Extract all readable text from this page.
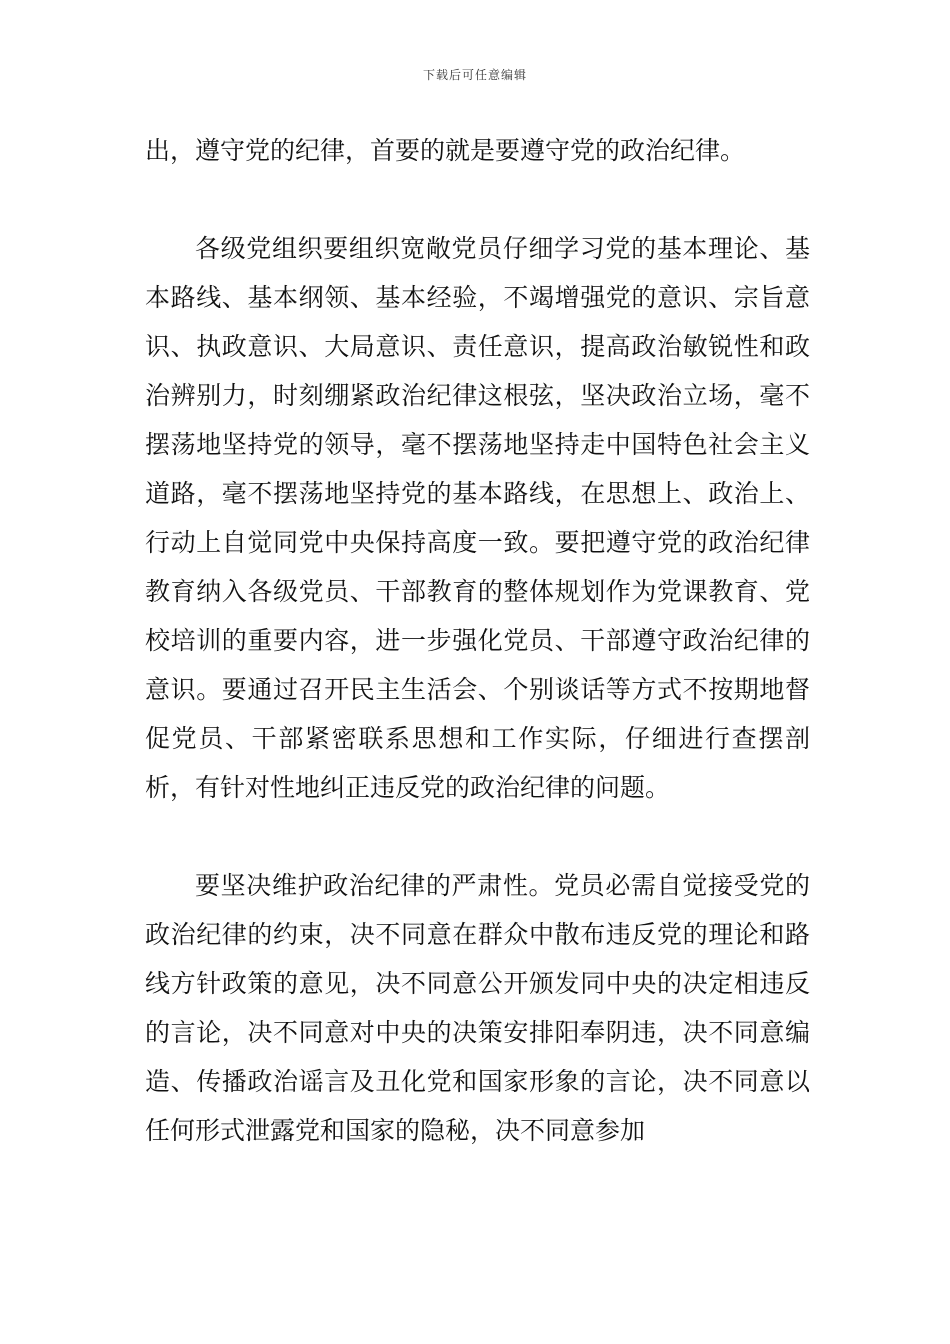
下载后可任意编辑

出，遵守党的纪律，首要的就是要遵守党的政治纪律。

各级党组织要组织宽敞党员仔细学习党的基本理论、基本路线、基本纲领、基本经验，不竭增强党的意识、宗旨意识、执政意识、大局意识、责任意识，提高政治敏锐性和政治辨别力，时刻绷紧政治纪律这根弦，坚决政治立场，毫不摆荡地坚持党的领导，毫不摆荡地坚持走中国特色社会主义道路，毫不摆荡地坚持党的基本路线，在思想上、政治上、行动上自觉同党中央保持高度一致。要把遵守党的政治纪律教育纳入各级党员、干部教育的整体规划作为党课教育、党校培训的重要内容，进一步强化党员、干部遵守政治纪律的意识。要通过召开民主生活会、个别谈话等方式不按期地督促党员、干部紧密联系思想和工作实际，仔细进行查摆剖析，有针对性地纠正违反党的政治纪律的问题。

要坚决维护政治纪律的严肃性。党员必需自觉接受党的政治纪律的约束，决不同意在群众中散布违反党的理论和路线方针政策的意见，决不同意公开颁发同中央的决定相违反的言论，决不同意对中央的决策安排阳奉阴违，决不同意编造、传播政治谣言及丑化党和国家形象的言论，决不同意以任何形式泄露党和国家的隐秘，决不同意参加
